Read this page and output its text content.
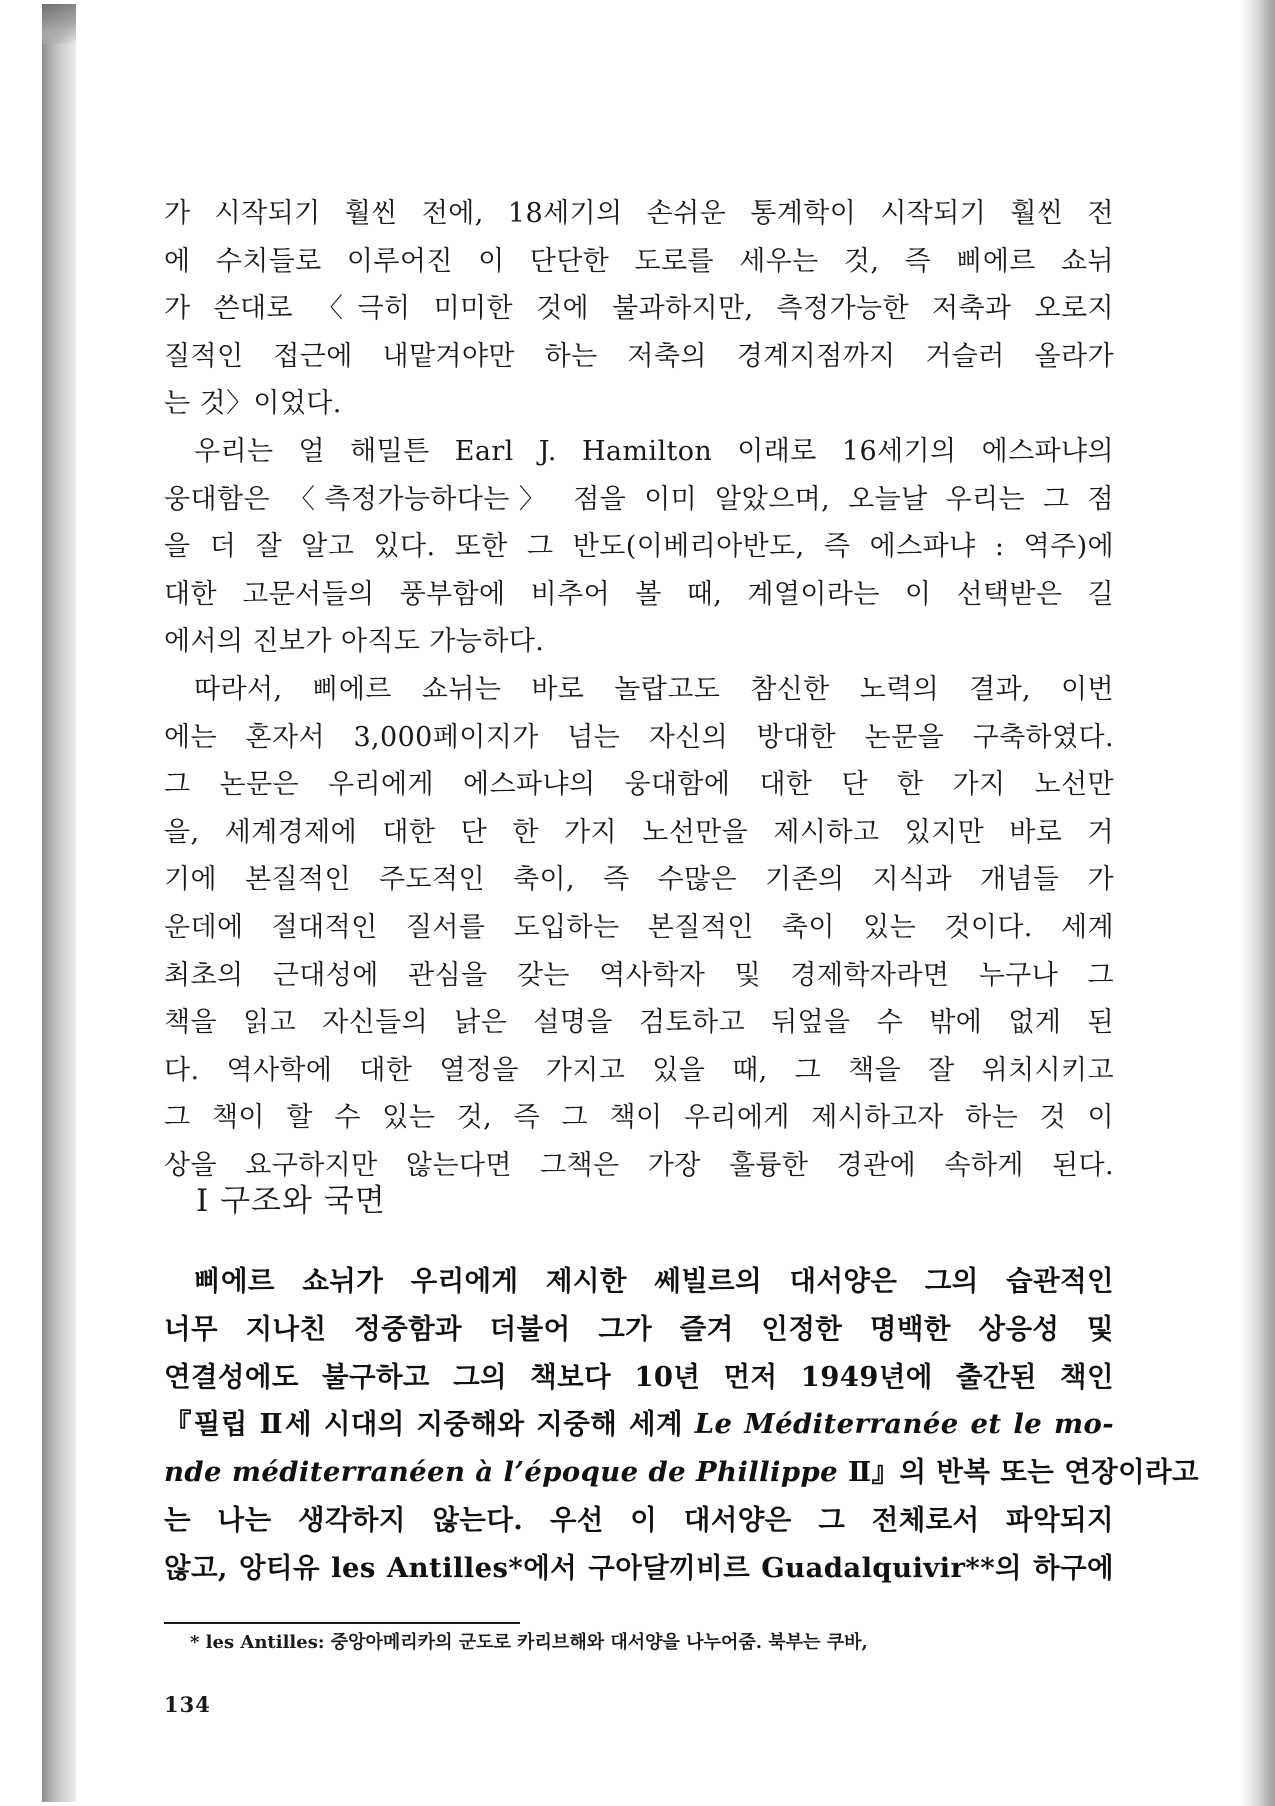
가 시작되기 훨씬 전에, 18세기의 손쉬운 통계학이 시작되기 훨씬 전
에 수치들로 이루어진 이 단단한 도로를 세우는 것, 즉 삐에르 쇼뉘
가 쓴대로 〈극히 미미한 것에 불과하지만, 측정가능한 저축과 오로지
질적인 접근에 내맡겨야만 하는 저축의 경계지점까지 거슬러 올라가
는 것〉이었다.
우리는 얼 해밀튼 Earl J. Hamilton 이래로 16세기의 에스파냐의
웅대함은 〈측정가능하다는〉 점을 이미 알았으며, 오늘날 우리는 그 점
을 더 잘 알고 있다. 또한 그 반도(이베리아반도, 즉 에스파냐 : 역주)에
대한 고문서들의 풍부함에 비추어 볼 때, 계열이라는 이 선택받은 길
에서의 진보가 아직도 가능하다.
따라서, 삐에르 쇼뉘는 바로 놀랍고도 참신한 노력의 결과, 이번
에는 혼자서 3,000페이지가 넘는 자신의 방대한 논문을 구축하였다.
그 논문은 우리에게 에스파냐의 웅대함에 대한 단 한 가지 노선만
을, 세계경제에 대한 단 한 가지 노선만을 제시하고 있지만 바로 거
기에 본질적인 주도적인 축이, 즉 수많은 기존의 지식과 개념들 가
운데에 절대적인 질서를 도입하는 본질적인 축이 있는 것이다. 세계
최초의 근대성에 관심을 갖는 역사학자 및 경제학자라면 누구나 그
책을 읽고 자신들의 낡은 설명을 검토하고 뒤엎을 수 밖에 없게 된
다. 역사학에 대한 열정을 가지고 있을 때, 그 책을 잘 위치시키고
그 책이 할 수 있는 것, 즉 그 책이 우리에게 제시하고자 하는 것 이
상을 요구하지만 않는다면 그책은 가장 훌륭한 경관에 속하게 된다.
I 구조와 국면
삐에르 쇼뉘가 우리에게 제시한 쎄빌르의 대서양은 그의 습관적인
너무 지나친 정중함과 더불어 그가 즐겨 인정한 명백한 상응성 및
연결성에도 불구하고 그의 책보다 10년 먼저 1949년에 출간된 책인
『필립 Ⅱ세 시대의 지중해와 지중해 세계 Le Méditerranée et le mo-
nde méditerranéen à l’époque de Phillippe Ⅱ』의 반복 또는 연장이라고
는 나는 생각하지 않는다. 우선 이 대서양은 그 전체로서 파악되지
않고, 앙티유 les Antilles*에서 구아달끼비르 Guadalquivir**의 하구에
* les Antilles: 중앙아메리카의 군도로 카리브해와 대서양을 나누어줌. 북부는 쿠바,
134
